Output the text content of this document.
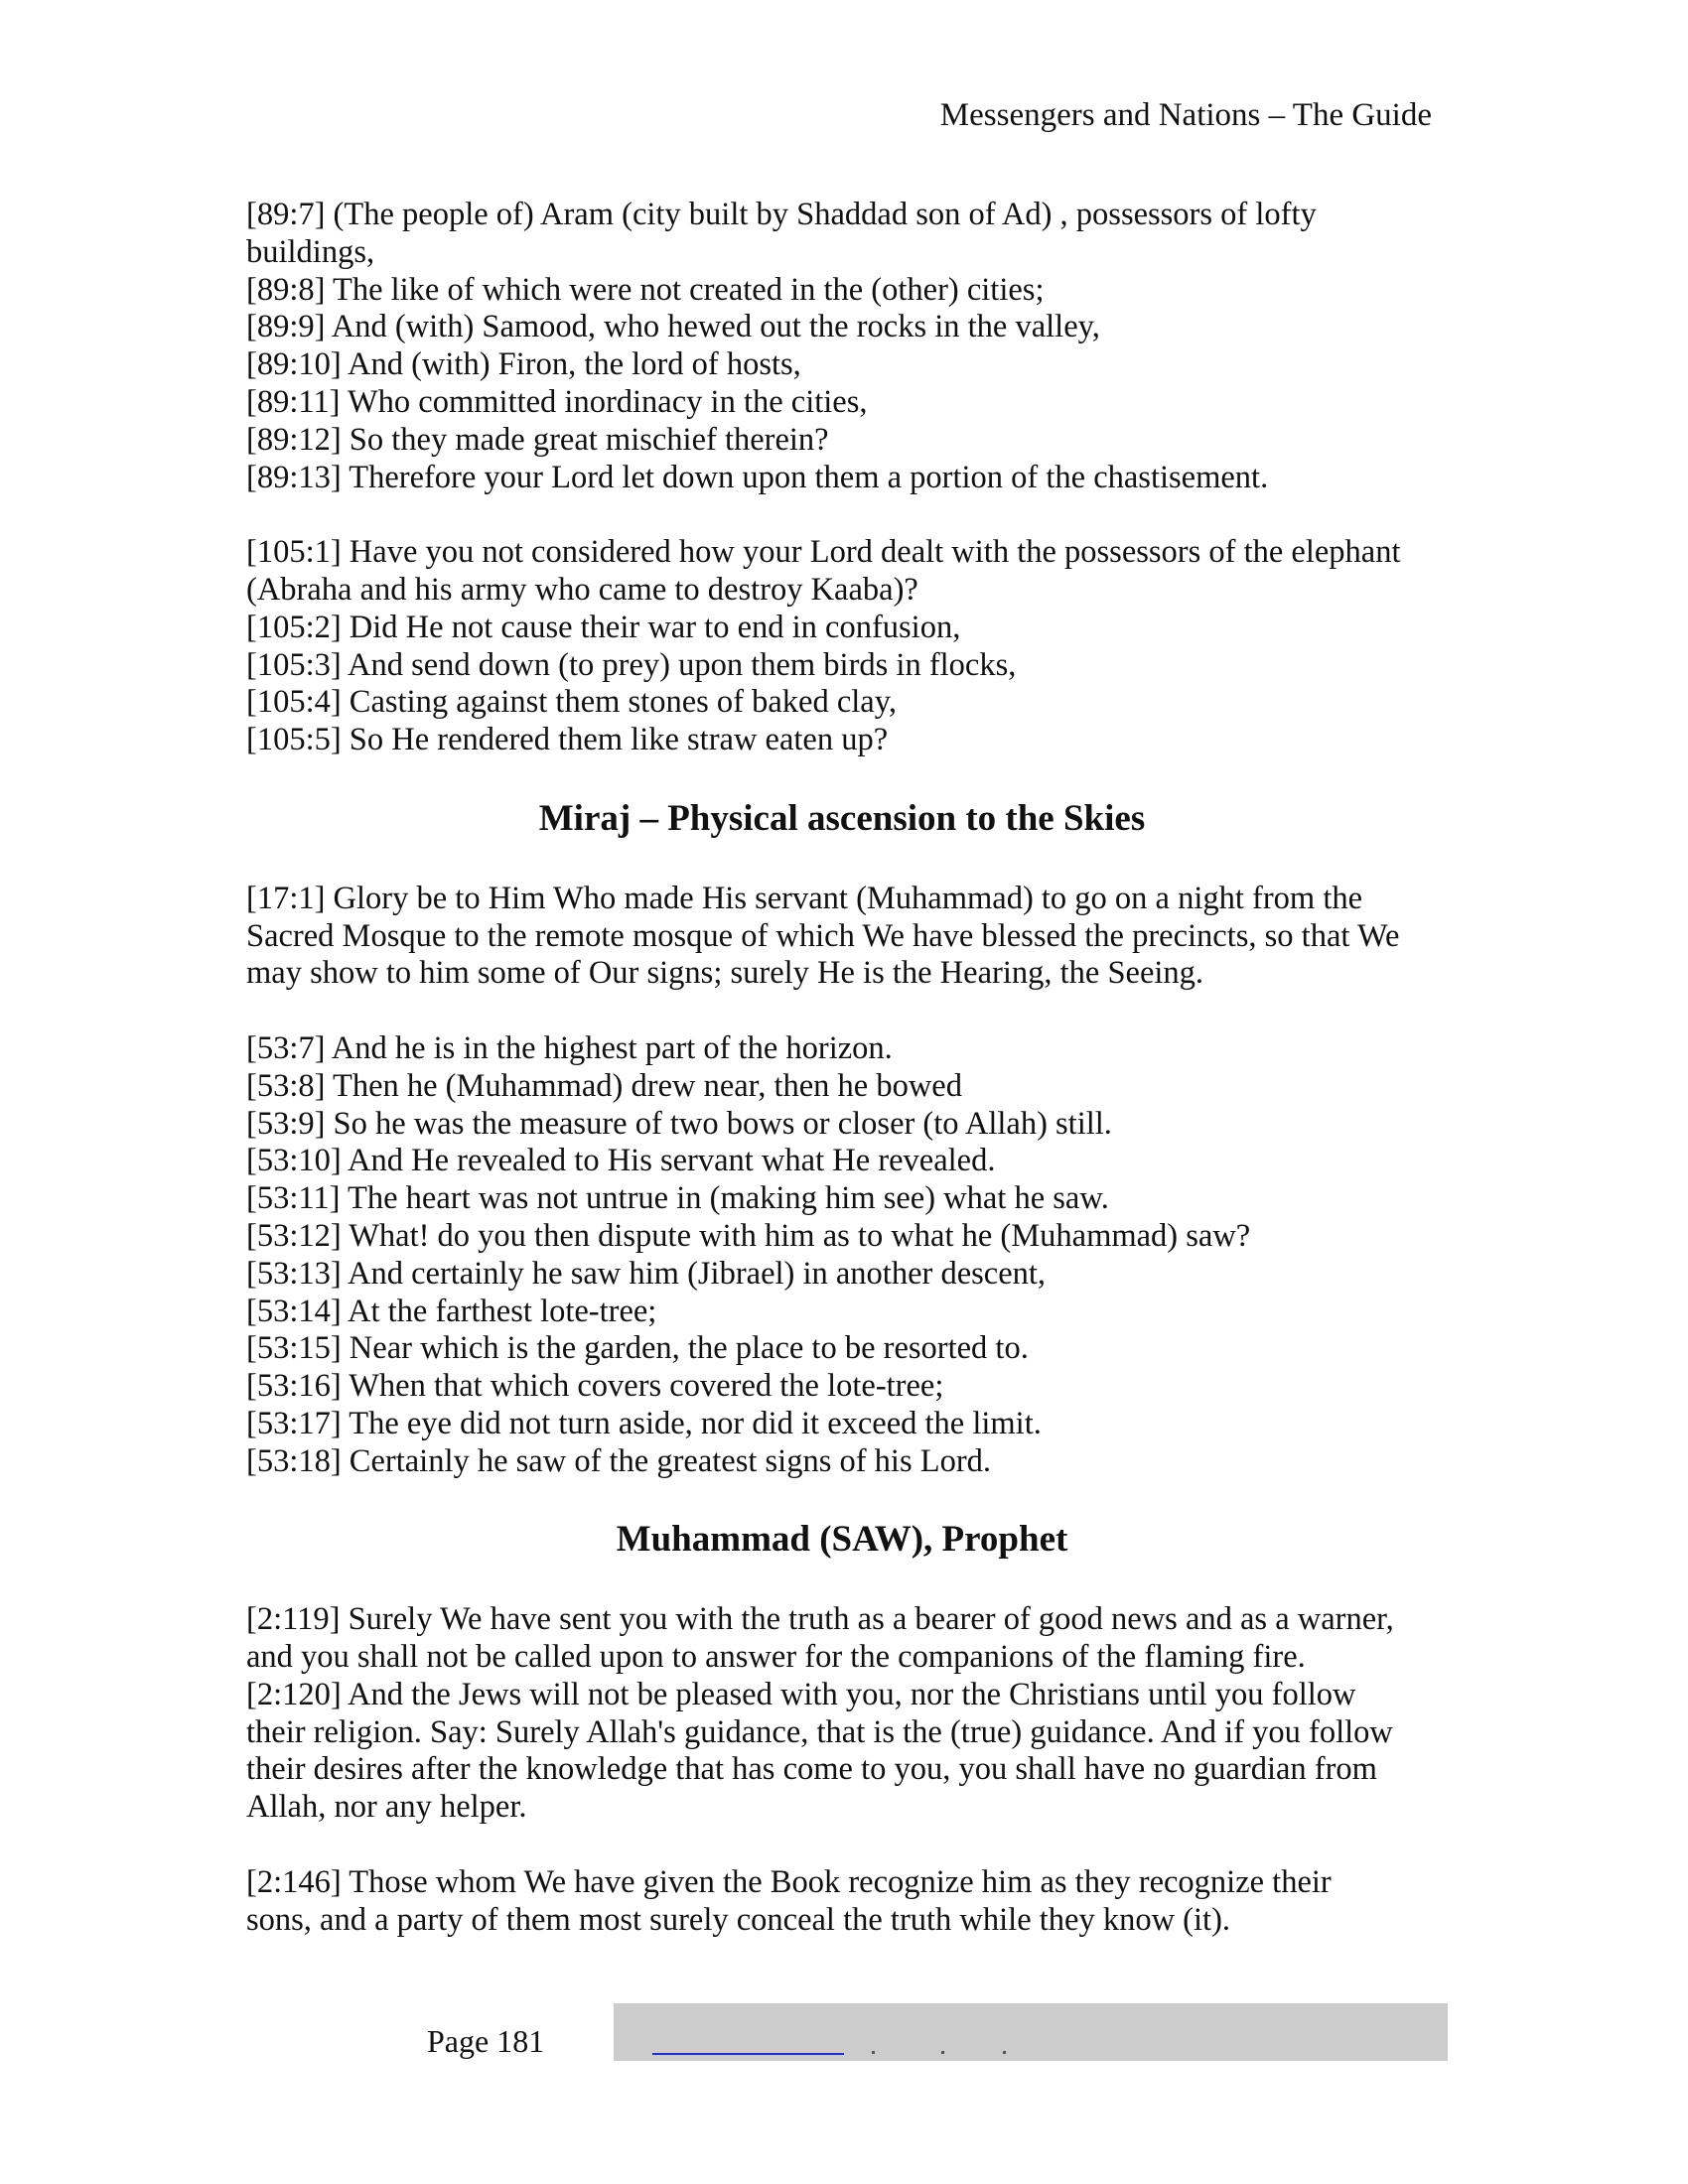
Messengers and Nations – The Guide
[89:7] (The people of) Aram (city built by Shaddad son of Ad) , possessors of lofty
buildings,
[89:8] The like of which were not created in the (other) cities;
[89:9] And (with) Samood, who hewed out the rocks in the valley,
[89:10] And (with) Firon, the lord of hosts,
[89:11] Who committed inordinacy in the cities,
[89:12] So they made great mischief therein?
[89:13] Therefore your Lord let down upon them a portion of the chastisement.
[105:1] Have you not considered how your Lord dealt with the possessors of the elephant
(Abraha and his army who came to destroy Kaaba)?
[105:2] Did He not cause their war to end in confusion,
[105:3] And send down (to prey) upon them birds in flocks,
[105:4] Casting against them stones of baked clay,
[105:5] So He rendered them like straw eaten up?
Miraj – Physical ascension to the Skies
[17:1] Glory be to Him Who made His servant (Muhammad) to go on a night from the
Sacred Mosque to the remote mosque of which We have blessed the precincts, so that We
may show to him some of Our signs; surely He is the Hearing, the Seeing.
[53:7] And he is in the highest part of the horizon.
[53:8] Then he (Muhammad) drew near, then he bowed
[53:9] So he was the measure of two bows or closer (to Allah) still.
[53:10] And He revealed to His servant what He revealed.
[53:11] The heart was not untrue in (making him see) what he saw.
[53:12] What! do you then dispute with him as to what he (Muhammad) saw?
[53:13] And certainly he saw him (Jibrael) in another descent,
[53:14] At the farthest lote-tree;
[53:15] Near which is the garden, the place to be resorted to.
[53:16] When that which covers covered the lote-tree;
[53:17] The eye did not turn aside, nor did it exceed the limit.
[53:18] Certainly he saw of the greatest signs of his Lord.
Muhammad (SAW), Prophet
[2:119] Surely We have sent you with the truth as a bearer of good news and as a warner,
and you shall not be called upon to answer for the companions of the flaming fire.
[2:120] And the Jews will not be pleased with you, nor the Christians until you follow
their religion. Say: Surely Allah's guidance, that is the (true) guidance. And if you follow
their desires after the knowledge that has come to you, you shall have no guardian from
Allah, nor any helper.
[2:146] Those whom We have given the Book recognize him as they recognize their
sons, and a party of them most surely conceal the truth while they know (it).
Page 181
